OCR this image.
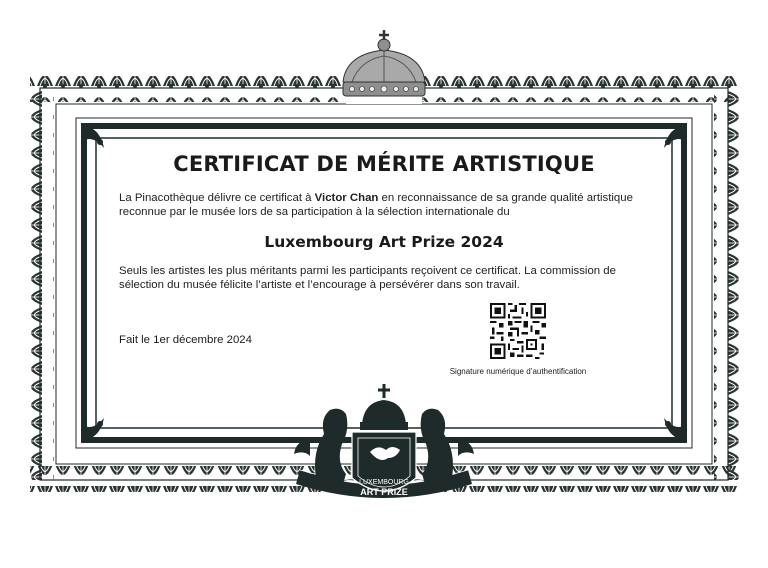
CERTIFICAT DE MÉRITE ARTISTIQUE

La Pinacothèque délivre ce certificat à Victor Chan en reconnaissance de sa grande qualité artistique reconnue par le musée lors de sa participation à la sélection internationale du

Luxembourg Art Prize 2024

Seuls les artistes les plus méritants parmi les participants reçoivent ce certificat. La commission de sélection du musée félicite l’artiste et l’encourage à persévérer dans son travail.

Fait le 1er décembre 2024

Signature numérique d’authentification

LUXEMBOURG
ART PRIZE
